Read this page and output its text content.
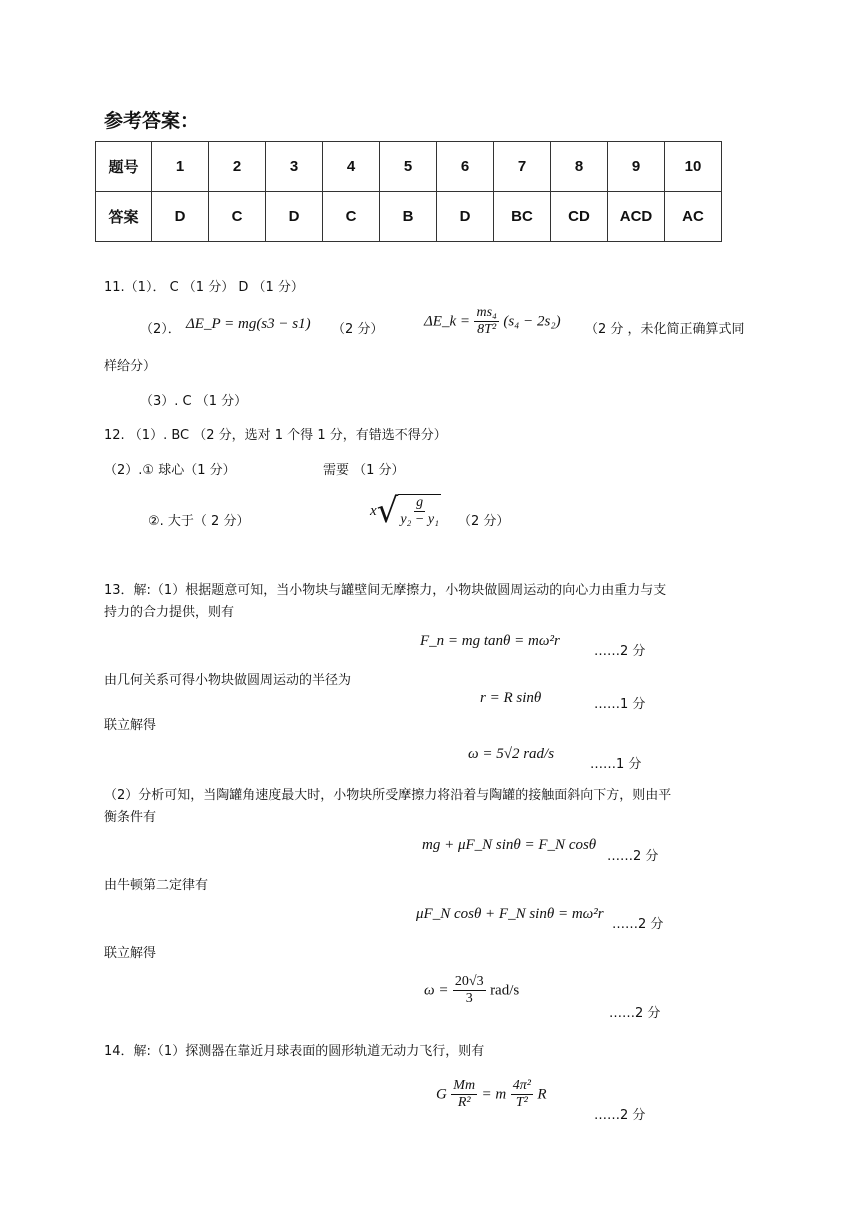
参考答案：
题号	1	2	3	4	5	6	7	8	9	10
答案	D	C	D	C	B	D	BC	CD	ACD	AC
11.（1）． C （1 分） D （1 分）
（2）． ΔE_P = mg(s3 − s1) （2 分）	ΔE_k = $\frac{\text{ms₄}}{\text{8T²}} (s_4 - 2s_2)$ （2 分 ，未化简正确算式同
样给分）
（3）. C （1 分）
12. （1）. BC （2 分，选对 1 个得 1 分，有错选不得分）
（2）.① 球心（1 分）	需要 （1 分）
②. 大于（ 2 分）
x √ $\frac{g}{\text{y₂ − y₁}} (2$ 分）
13．解:（1）根据题意可知，当小物块与罐壁间无摩擦力，小物块做圆周运动的向心力由重力与支
持力的合力提供，则有
F_n = mg tanθ = mω²r
……2 分
由几何关系可得小物块做圆周运动的半径为
r = R sinθ	……1 分
联立解得
ω = 5√2 rad/s
……1 分
（2）分析可知，当陶罐角速度最大时，小物块所受摩擦力将沿着与陶罐的接触面斜向下方，则由平
衡条件有
mg + μF_N sinθ = F_N cosθ
……2 分
由牛顿第二定律有
μF_N cosθ + F_N sinθ = mω²r
……2 分
联立解得
$\omega = \frac{20√3}{3} rad/s$
……2 分
14．解:（1）探测器在靠近月球表面的圆形轨道无动力飞行，则有
G $\frac{Mm}{\text{R²}} = m \frac{\text{4π²}}{\text{T²}}$ R
……2 分
